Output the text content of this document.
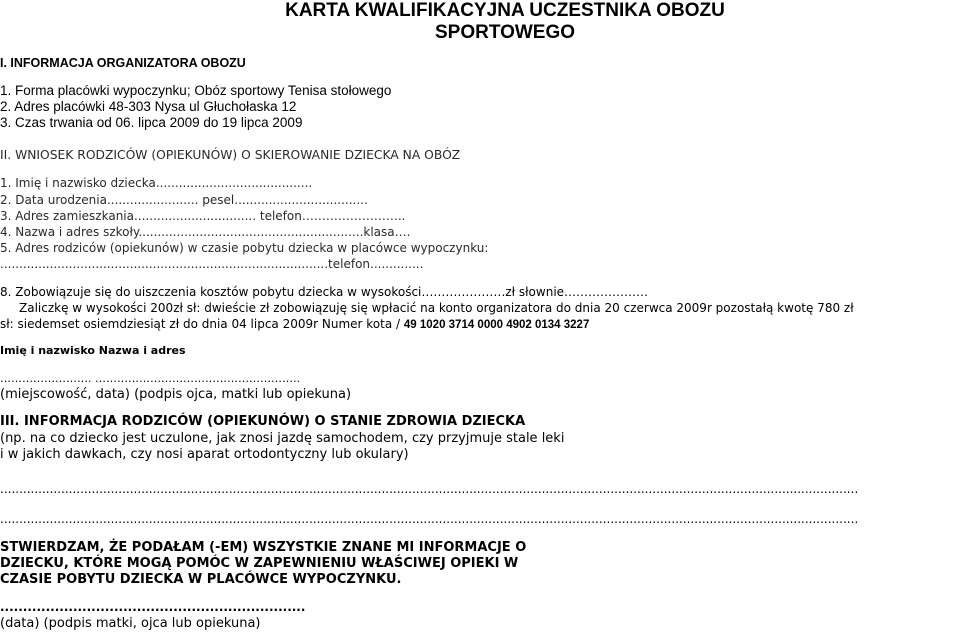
KARTA KWALIFIKACYJNA UCZESTNIKA OBOZU
SPORTOWEGO
I. INFORMACJA ORGANIZATORA OBOZU
1. Forma placówki wypoczynku; Obóz sportowy Tenisa stołowego
2. Adres placówki 48-303 Nysa ul Głuchołaska 12
3. Czas trwania od 06. lipca 2009 do 19 lipca 2009
II. WNIOSEK RODZICÓW (OPIEKUNÓW) O SKIEROWANIE DZIECKA NA OBÓZ
1. Imię i nazwisko dziecka.........................................
2. Data urodzenia........................ pesel...................................
3. Adres zamieszkania................................ telefon……………………..
4. Nazwa i adres szkoły...........................................................klasa….
5. Adres rodziców (opiekunów) w czasie pobytu dziecka w placówce wypoczynku:
......................................................................................telefon..............
8. Zobowiązuje się do uiszczenia kosztów pobytu dziecka w wysokości…………………zł słownie…………………
Zaliczkę w wysokości 200zł sł: dwieście zł zobowiązuję się wpłacić na konto organizatora do dnia 20 czerwca 2009r pozostałą kwotę 780 zł
sł: siedemset osiemdziesiąt zł do dnia 04 lipca 2009r Numer kota / 49 1020 3714 0000 4902 0134 3227
Imię i nazwisko Nazwa i adres
……………………. ………………………………………………..
(miejscowość, data) (podpis ojca, matki lub opiekuna)
III. INFORMACJA RODZICÓW (OPIEKUNÓW) O STANIE ZDROWIA DZIECKA
(np. na co dziecko jest uczulone, jak znosi jazdę samochodem, czy przyjmuje stale leki
i w jakich dawkach, czy nosi aparat ortodontyczny lub okulary)
.................................................................................................................................................................................................................................
.................................................................................................................................................................................................................................
STWIERDZAM, ŻE PODAŁAM (-EM) WSZYSTKIE ZNANE MI INFORMACJE O
DZIECKU, KTÓRE MOGĄ POMÓC W ZAPEWNIENIU WŁAŚCIWEJ OPIEKI W
CZASIE POBYTU DZIECKA W PLACÓWCE WYPOCZYNKU.
...................................................................
(data) (podpis matki, ojca lub opiekuna)
